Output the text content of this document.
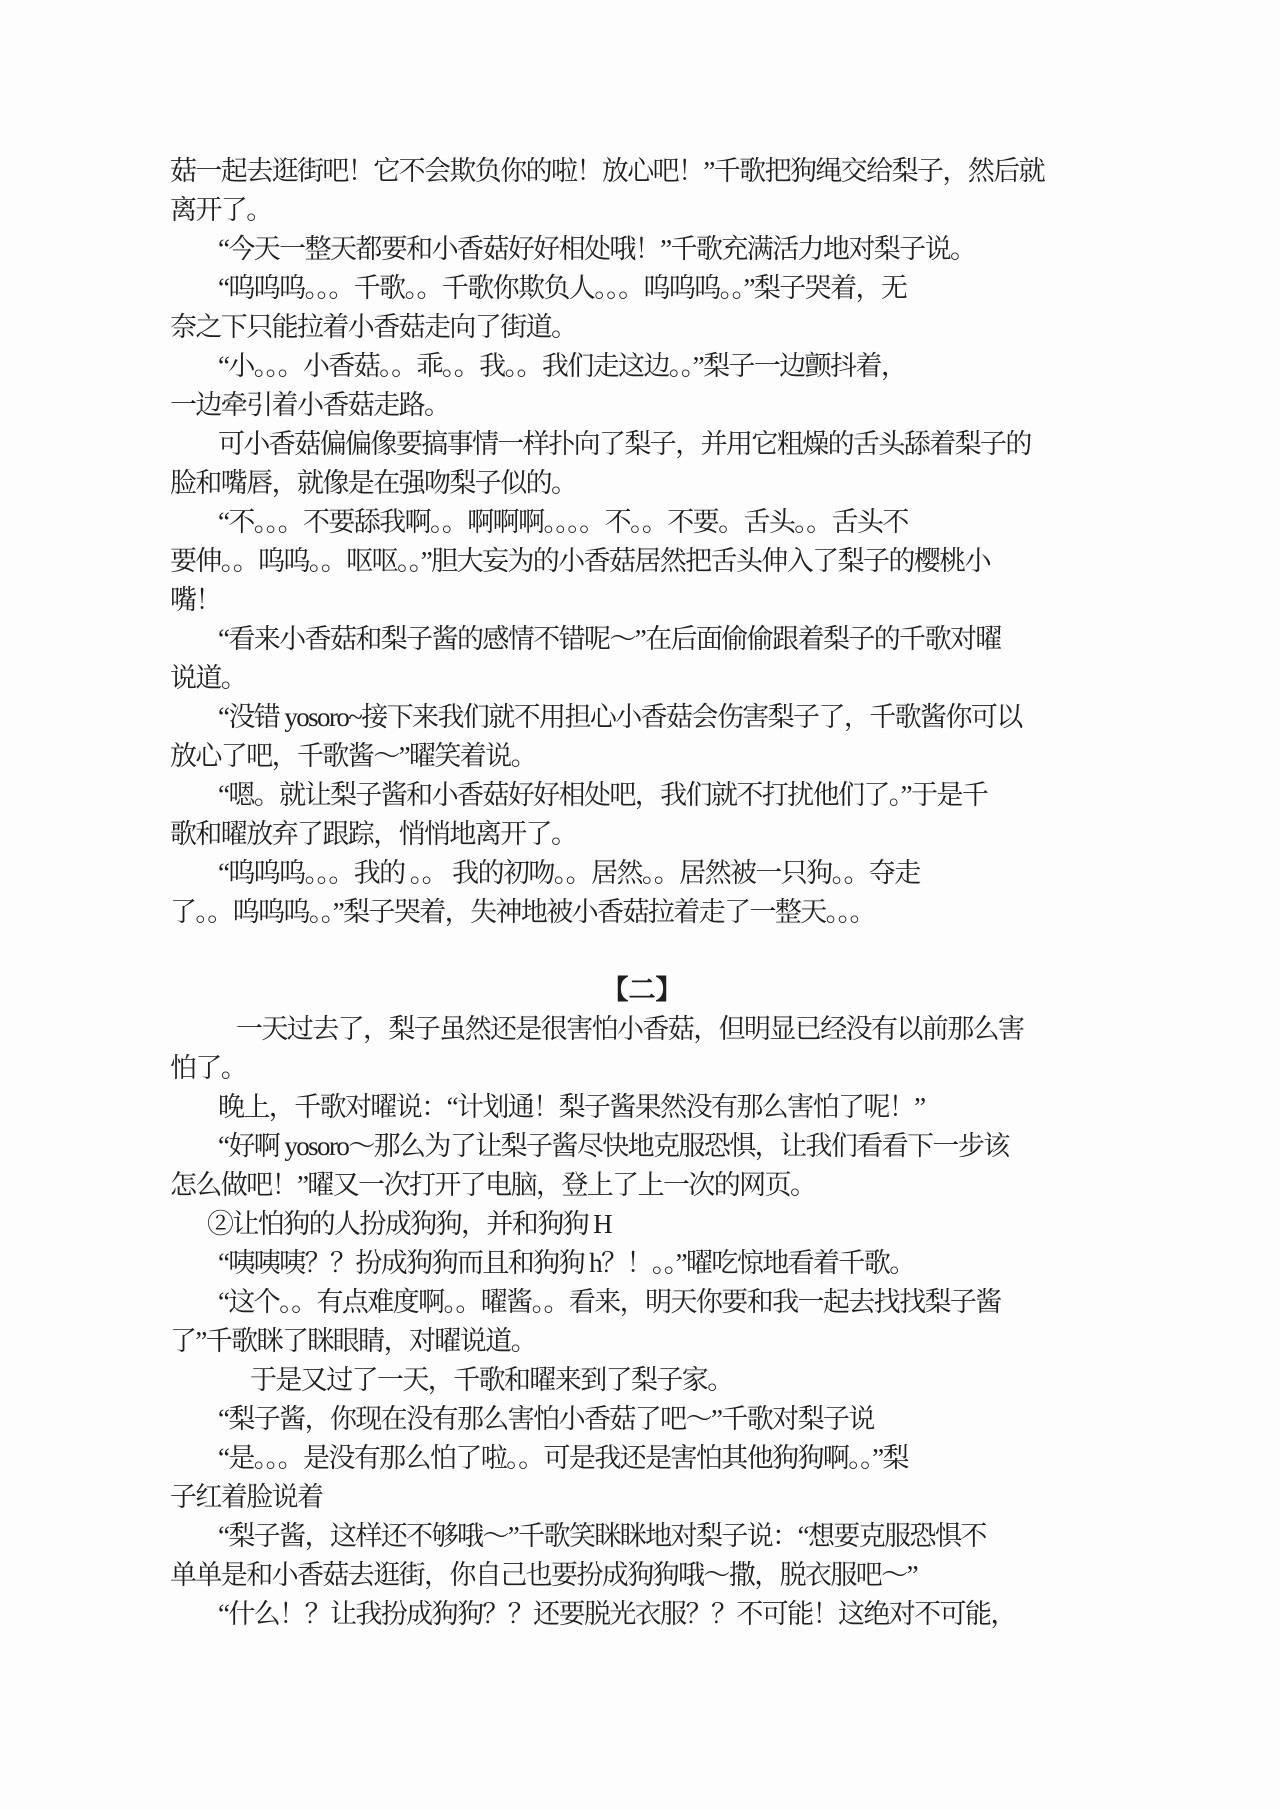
菇一起去逛街吧！它不会欺负你的啦！放心吧！”千歌把狗绳交给梨子，然后就
离开了。
“今天一整天都要和小香菇好好相处哦！”千歌充满活力地对梨子说。
“呜呜呜。。。千歌。。千歌你欺负人。。。呜呜呜。。”梨子哭着，无
奈之下只能拉着小香菇走向了街道。
“小。。。小香菇。。乖。。我。。我们走这边。。”梨子一边颤抖着，
一边牵引着小香菇走路。
可小香菇偏偏像要搞事情一样扑向了梨子，并用它粗燥的舌头舔着梨子的
脸和嘴唇，就像是在强吻梨子似的。
“不。。。不要舔我啊。。啊啊啊。。。。不。。不要。舌头。。舌头不
要伸。。呜呜。。呕呕。。”胆大妄为的小香菇居然把舌头伸入了梨子的樱桃小
嘴！
“看来小香菇和梨子酱的感情不错呢～”在后面偷偷跟着梨子的千歌对曜
说道。
“没错 yosoro~接下来我们就不用担心小香菇会伤害梨子了，千歌酱你可以
放心了吧，千歌酱～”曜笑着说。
“嗯。就让梨子酱和小香菇好好相处吧，我们就不打扰他们了。”于是千
歌和曜放弃了跟踪，悄悄地离开了。
“呜呜呜。。。我的 。。 我的初吻。。居然。。居然被一只狗。。夺走
了。。呜呜呜。。”梨子哭着，失神地被小香菇拉着走了一整天。。。
【二】
一天过去了，梨子虽然还是很害怕小香菇，但明显已经没有以前那么害
怕了。
晚上，千歌对曜说：“计划通！梨子酱果然没有那么害怕了呢！”
“好啊 yosoro～那么为了让梨子酱尽快地克服恐惧，让我们看看下一步该
怎么做吧！”曜又一次打开了电脑，登上了上一次的网页。
②让怕狗的人扮成狗狗，并和狗狗 H
“咦咦咦？？扮成狗狗而且和狗狗 h？！。。”曜吃惊地看着千歌。
“这个。。有点难度啊。。曜酱。。看来，明天你要和我一起去找找梨子酱
了”千歌眯了眯眼睛，对曜说道。
于是又过了一天，千歌和曜来到了梨子家。
“梨子酱，你现在没有那么害怕小香菇了吧～”千歌对梨子说
“是。。。是没有那么怕了啦。。可是我还是害怕其他狗狗啊。。”梨
子红着脸说着
“梨子酱，这样还不够哦～”千歌笑眯眯地对梨子说：“想要克服恐惧不
单单是和小香菇去逛街，你自己也要扮成狗狗哦～撒，脱衣服吧～”
“什么！？让我扮成狗狗？？还要脱光衣服？？不可能！这绝对不可能，
